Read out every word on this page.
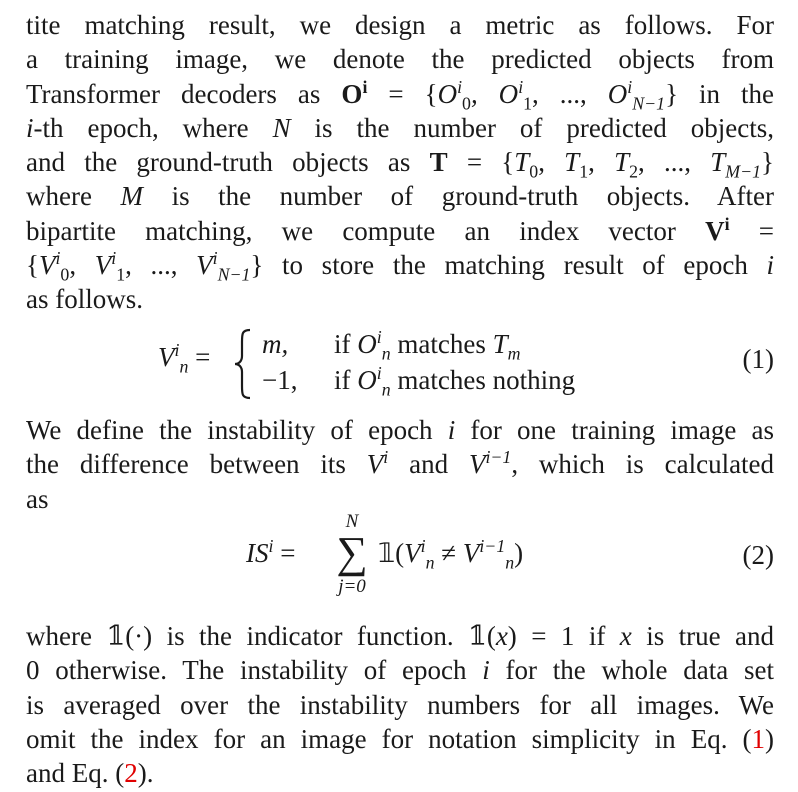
tite matching result, we design a metric as follows. For
a training image, we denote the predicted objects from
Transformer decoders as $O^i = \{O^i_0$, $O^i_1$, ..., $O^i_{N-1}$} in the
i-th epoch, where N is the number of predicted objects,
and the ground-truth objects as $T = \{T_0$, $T_1$, $T_2$, ..., $T_{M-1}$}
where M is the number of ground-truth objects. After
bipartite matching, we compute an index vector $V^i$ =
{$V^i_0$, $V^i_1$, ..., $V^i_{N-1}$} to store the matching result of epoch i
as follows.
$V^i_n = m$, if $O^i_n$ matches $T_m$
−1, if $O^i_n$ matches nothing
(1)
We define the instability of epoch i for one training image as
the difference between its $V^i$ and $V^{i-1}$, which is calculated
as
$IS^i$ =
N
∑
j=0
$𝟙(V^i_n \ne V^{i-1}_n)$	(2)
where 𝟙(·) is the indicator function. 𝟙(x) = 1 if x is true and
0 otherwise. The instability of epoch i for the whole data set
is averaged over the instability numbers for all images. We
omit the index for an image for notation simplicity in Eq. (1)
and Eq. (2).
